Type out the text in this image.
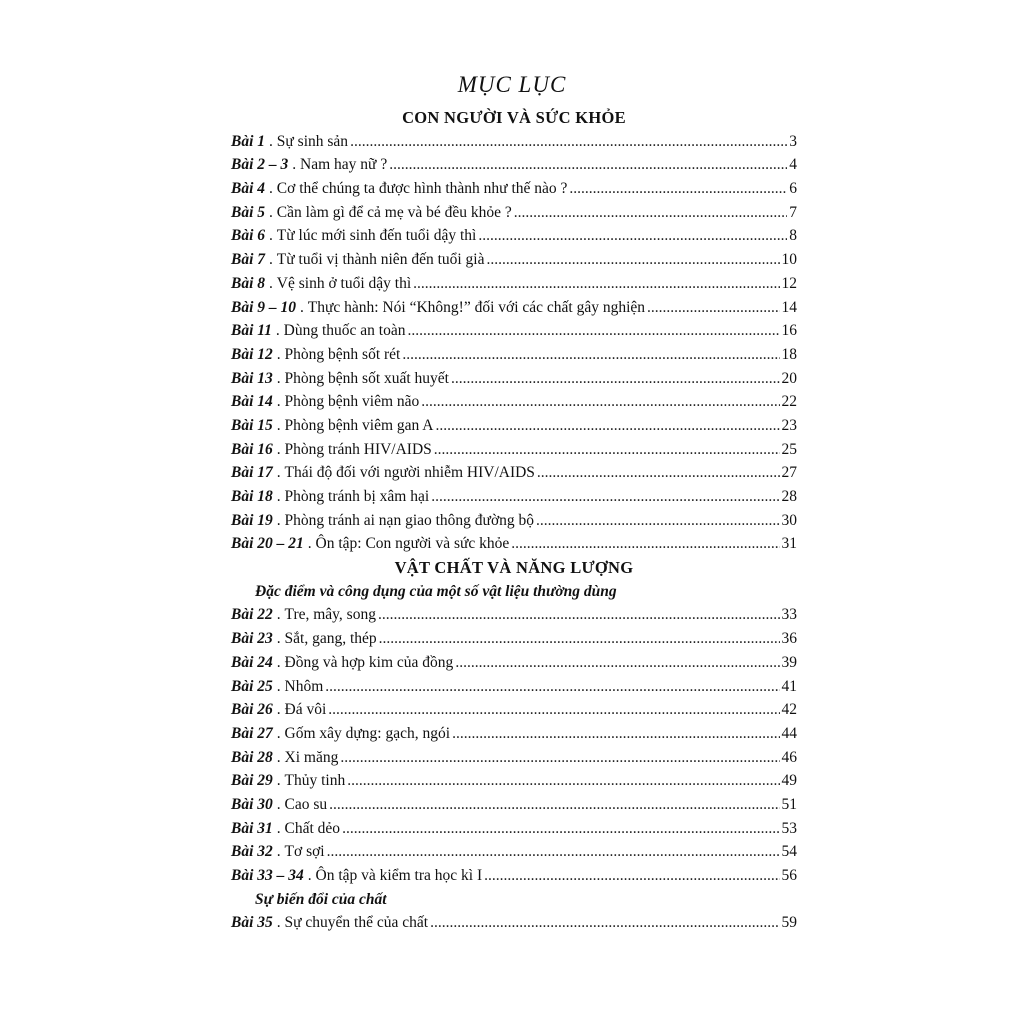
MỤC LỤC
CON NGƯỜI VÀ SỨC KHỎE
Bài 1 . Sự sinh sản .....	3
Bài 2 – 3 . Nam hay nữ ? .....	4
Bài 4 . Cơ thể chúng ta được hình thành như thế nào ? .....	6
Bài 5 . Cần làm gì để cả mẹ và bé đều khỏe ? .....	7
Bài 6 . Từ lúc mới sinh đến tuổi dậy thì .....	8
Bài 7 . Từ tuổi vị thành niên đến tuổi già .....	10
Bài 8 . Vệ sinh ở tuổi dậy thì .....	12
Bài 9 – 10 . Thực hành: Nói “Không!” đối với các chất gây nghiện .....	14
Bài 11 . Dùng thuốc an toàn .....	16
Bài 12 . Phòng bệnh sốt rét .....	18
Bài 13 . Phòng bệnh sốt xuất huyết .....	20
Bài 14 . Phòng bệnh viêm não .....	22
Bài 15 . Phòng bệnh viêm gan A .....	23
Bài 16 . Phòng tránh HIV/AIDS .....	25
Bài 17 . Thái độ đối với người nhiễm HIV/AIDS .....	27
Bài 18 . Phòng tránh bị xâm hại .....	28
Bài 19 . Phòng tránh ai nạn giao thông đường bộ .....	30
Bài 20 – 21 . Ôn tập: Con người và sức khỏe .....	31
VẬT CHẤT VÀ NĂNG LƯỢNG
Đặc điểm và công dụng của một số vật liệu thường dùng
Bài 22 . Tre, mây, song .....	33
Bài 23 . Sắt, gang, thép .....	36
Bài 24 . Đồng và hợp kim của đồng .....	39
Bài 25 . Nhôm .....	41
Bài 26 . Đá vôi .....	42
Bài 27 . Gốm xây dựng: gạch, ngói .....	44
Bài 28 . Xi măng .....	46
Bài 29 . Thủy tinh .....	49
Bài 30 . Cao su .....	51
Bài 31 . Chất dẻo .....	53
Bài 32 . Tơ sợi .....	54
Bài 33 – 34 . Ôn tập và kiểm tra học kì I .....	56
Sự biến đổi của chất
Bài 35 . Sự chuyển thể của chất .....	59
